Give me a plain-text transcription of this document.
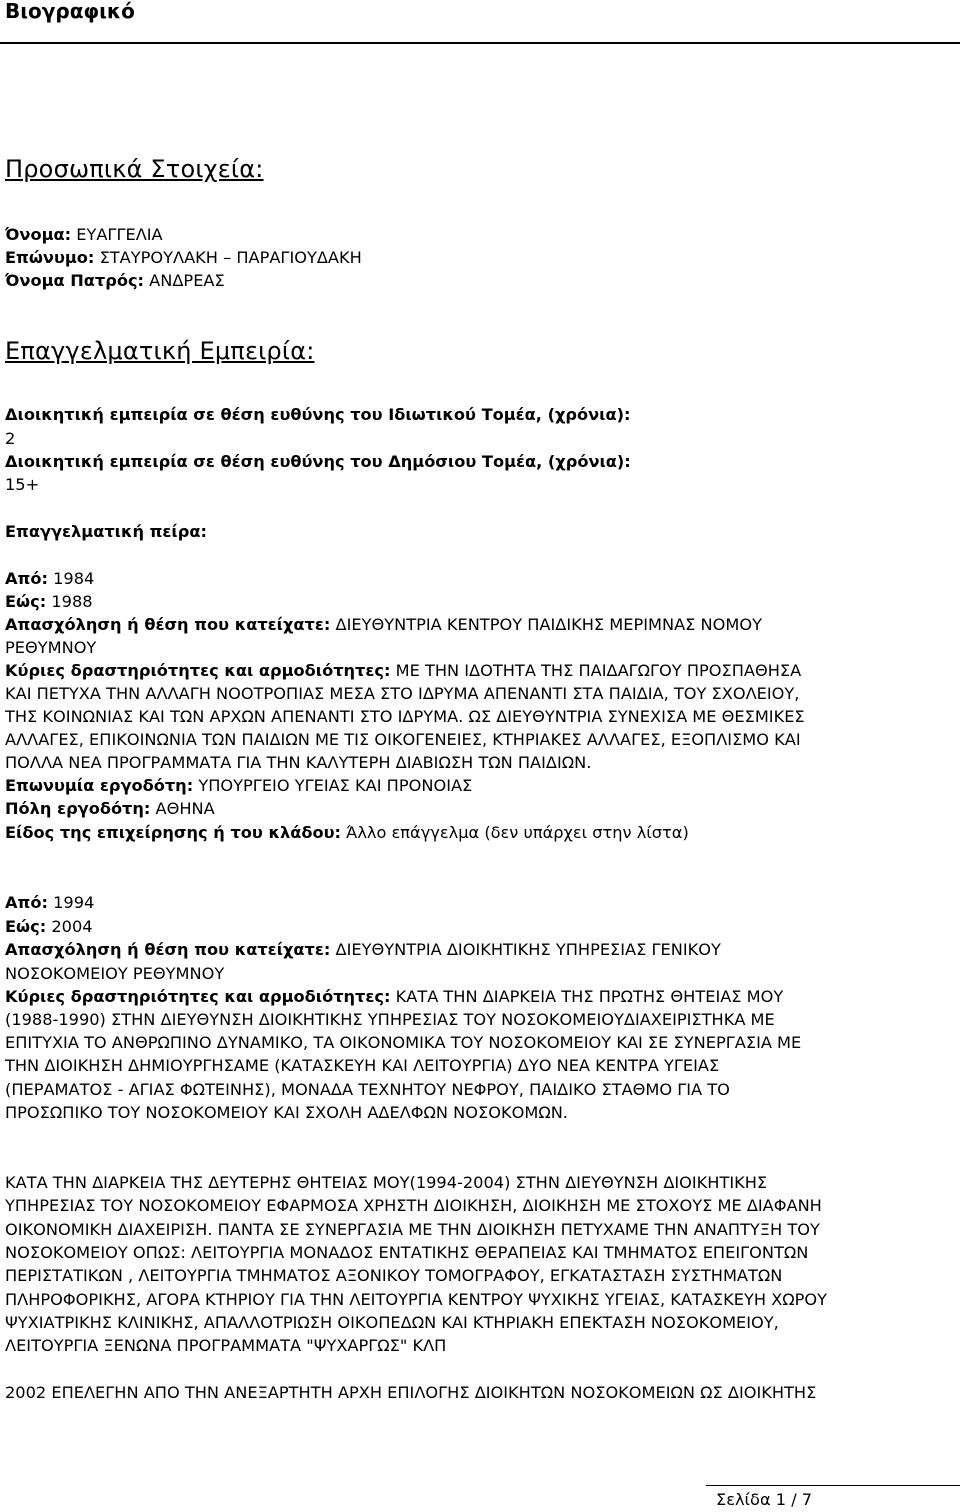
Βιογραφικό
Προσωπικά Στοιχεία:
Όνομα: ΕΥΑΓΓΕΛΙΑ
Επώνυμο: ΣΤΑΥΡΟΥΛΑΚΗ – ΠΑΡΑΓΙΟΥΔΑΚΗ
Όνομα Πατρός: ΑΝΔΡΕΑΣ
Επαγγελματική Εμπειρία:
Διοικητική εμπειρία σε θέση ευθύνης του Ιδιωτικού Τομέα, (χρόνια):
2
Διοικητική εμπειρία σε θέση ευθύνης του Δημόσιου Τομέα, (χρόνια):
15+
Επαγγελματική πείρα:
Από: 1984
Εώς: 1988
Απασχόληση ή θέση που κατείχατε: ΔΙΕΥΘΥΝΤΡΙΑ ΚΕΝΤΡΟΥ ΠΑΙΔΙΚΗΣ ΜΕΡΙΜΝΑΣ ΝΟΜΟΥ
ΡΕΘΥΜΝΟΥ
Κύριες δραστηριότητες και αρμοδιότητες: ΜΕ ΤΗΝ ΙΔΟΤΗΤΑ ΤΗΣ ΠΑΙΔΑΓΩΓΟΥ ΠΡΟΣΠΑΘΗΣΑ
ΚΑΙ ΠΕΤΥΧΑ ΤΗΝ ΑΛΛΑΓΗ ΝΟΟΤΡΟΠΙΑΣ ΜΕΣΑ ΣΤΟ ΙΔΡΥΜΑ ΑΠΕΝΑΝΤΙ ΣΤΑ ΠΑΙΔΙΑ, ΤΟΥ ΣΧΟΛΕΙΟΥ,
ΤΗΣ ΚΟΙΝΩΝΙΑΣ ΚΑΙ ΤΩΝ ΑΡΧΩΝ ΑΠΕΝΑΝΤΙ ΣΤΟ ΙΔΡΥΜΑ. ΩΣ ΔΙΕΥΘΥΝΤΡΙΑ ΣΥΝΕΧΙΣΑ ΜΕ ΘΕΣΜΙΚΕΣ
ΑΛΛΑΓΕΣ, ΕΠΙΚΟΙΝΩΝΙΑ ΤΩΝ ΠΑΙΔΙΩΝ ΜΕ ΤΙΣ ΟΙΚΟΓΕΝΕΙΕΣ, ΚΤΗΡΙΑΚΕΣ ΑΛΛΑΓΕΣ, ΕΞΟΠΛΙΣΜΟ ΚΑΙ
ΠΟΛΛΑ ΝΕΑ ΠΡΟΓΡΑΜΜΑΤΑ ΓΙΑ ΤΗΝ ΚΑΛΥΤΕΡΗ ΔΙΑΒΙΩΣΗ ΤΩΝ ΠΑΙΔΙΩΝ.
Επωνυμία εργοδότη: ΥΠΟΥΡΓΕΙΟ ΥΓΕΙΑΣ ΚΑΙ ΠΡΟΝΟΙΑΣ
Πόλη εργοδότη: ΑΘΗΝΑ
Είδος της επιχείρησης ή του κλάδου: Άλλο επάγγελμα (δεν υπάρχει στην λίστα)
Από: 1994
Εώς: 2004
Απασχόληση ή θέση που κατείχατε: ΔΙΕΥΘΥΝΤΡΙΑ ΔΙΟΙΚΗΤΙΚΗΣ ΥΠΗΡΕΣΙΑΣ ΓΕΝΙΚΟΥ
ΝΟΣΟΚΟΜΕΙΟΥ ΡΕΘΥΜΝΟΥ
Κύριες δραστηριότητες και αρμοδιότητες: ΚΑΤΑ ΤΗΝ ΔΙΑΡΚΕΙΑ ΤΗΣ ΠΡΩΤΗΣ ΘΗΤΕΙΑΣ ΜΟΥ
(1988-1990) ΣΤΗΝ ΔΙΕΥΘΥΝΣΗ ΔΙΟΙΚΗΤΙΚΗΣ ΥΠΗΡΕΣΙΑΣ ΤΟΥ ΝΟΣΟΚΟΜΕΙΟΥΔΙΑΧΕΙΡΙΣΤΗΚΑ ΜΕ
ΕΠΙΤΥΧΙΑ ΤΟ ΑΝΘΡΩΠΙΝΟ ΔΥΝΑΜΙΚΟ, ΤΑ ΟΙΚΟΝΟΜΙΚΑ ΤΟΥ ΝΟΣΟΚΟΜΕΙΟΥ ΚΑΙ ΣΕ ΣΥΝΕΡΓΑΣΙΑ ΜΕ
ΤΗΝ ΔΙΟΙΚΗΣΗ ΔΗΜΙΟΥΡΓΗΣΑΜΕ (ΚΑΤΑΣΚΕΥΗ ΚΑΙ ΛΕΙΤΟΥΡΓΙΑ) ΔΥΟ ΝΕΑ ΚΕΝΤΡΑ ΥΓΕΙΑΣ
(ΠΕΡΑΜΑΤΟΣ - ΑΓΙΑΣ ΦΩΤΕΙΝΗΣ), ΜΟΝΑΔΑ ΤΕΧΝΗΤΟΥ ΝΕΦΡΟΥ, ΠΑΙΔΙΚΟ ΣΤΑΘΜΟ ΓΙΑ ΤΟ
ΠΡΟΣΩΠΙΚΟ ΤΟΥ ΝΟΣΟΚΟΜΕΙΟΥ ΚΑΙ ΣΧΟΛΗ ΑΔΕΛΦΩΝ ΝΟΣΟΚΟΜΩΝ.
ΚΑΤΑ ΤΗΝ ΔΙΑΡΚΕΙΑ ΤΗΣ ΔΕΥΤΕΡΗΣ ΘΗΤΕΙΑΣ ΜΟΥ(1994-2004) ΣΤΗΝ ΔΙΕΥΘΥΝΣΗ ΔΙΟΙΚΗΤΙΚΗΣ
ΥΠΗΡΕΣΙΑΣ ΤΟΥ ΝΟΣΟΚΟΜΕΙΟΥ ΕΦΑΡΜΟΣΑ ΧΡΗΣΤΗ ΔΙΟΙΚΗΣΗ, ΔΙΟΙΚΗΣΗ ΜΕ ΣΤΟΧΟΥΣ ΜΕ ΔΙΑΦΑΝΗ
ΟΙΚΟΝΟΜΙΚΗ ΔΙΑΧΕΙΡΙΣΗ. ΠΑΝΤΑ ΣΕ ΣΥΝΕΡΓΑΣΙΑ ΜΕ ΤΗΝ ΔΙΟΙΚΗΣΗ ΠΕΤΥΧΑΜΕ ΤΗΝ ΑΝΑΠΤΥΞΗ ΤΟΥ
ΝΟΣΟΚΟΜΕΙΟΥ ΟΠΩΣ: ΛΕΙΤΟΥΡΓΙΑ ΜΟΝΑΔΟΣ ΕΝΤΑΤΙΚΗΣ ΘΕΡΑΠΕΙΑΣ ΚΑΙ ΤΜΗΜΑΤΟΣ ΕΠΕΙΓΟΝΤΩΝ
ΠΕΡΙΣΤΑΤΙΚΩΝ , ΛΕΙΤΟΥΡΓΙΑ ΤΜΗΜΑΤΟΣ ΑΞΟΝΙΚΟΥ ΤΟΜΟΓΡΑΦΟΥ, ΕΓΚΑΤΑΣΤΑΣΗ ΣΥΣΤΗΜΑΤΩΝ
ΠΛΗΡΟΦΟΡΙΚΗΣ, ΑΓΟΡΑ ΚΤΗΡΙΟΥ ΓΙΑ ΤΗΝ ΛΕΙΤΟΥΡΓΙΑ ΚΕΝΤΡΟΥ ΨΥΧΙΚΗΣ ΥΓΕΙΑΣ, ΚΑΤΑΣΚΕΥΗ ΧΩΡΟΥ
ΨΥΧΙΑΤΡΙΚΗΣ ΚΛΙΝΙΚΗΣ, ΑΠΑΛΛΟΤΡΙΩΣΗ ΟΙΚΟΠΕΔΩΝ ΚΑΙ ΚΤΗΡΙΑΚΗ ΕΠΕΚΤΑΣΗ ΝΟΣΟΚΟΜΕΙΟΥ,
ΛΕΙΤΟΥΡΓΙΑ ΞΕΝΩΝΑ ΠΡΟΓΡΑΜΜΑΤΑ "ΨΥΧΑΡΓΩΣ" ΚΛΠ
2002 ΕΠΕΛΕΓΗΝ ΑΠΟ ΤΗΝ ΑΝΕΞΑΡΤΗΤΗ ΑΡΧΗ ΕΠΙΛΟΓΗΣ ΔΙΟΙΚΗΤΩΝ ΝΟΣΟΚΟΜΕΙΩΝ ΩΣ ΔΙΟΙΚΗΤΗΣ
Σελίδα 1 / 7
